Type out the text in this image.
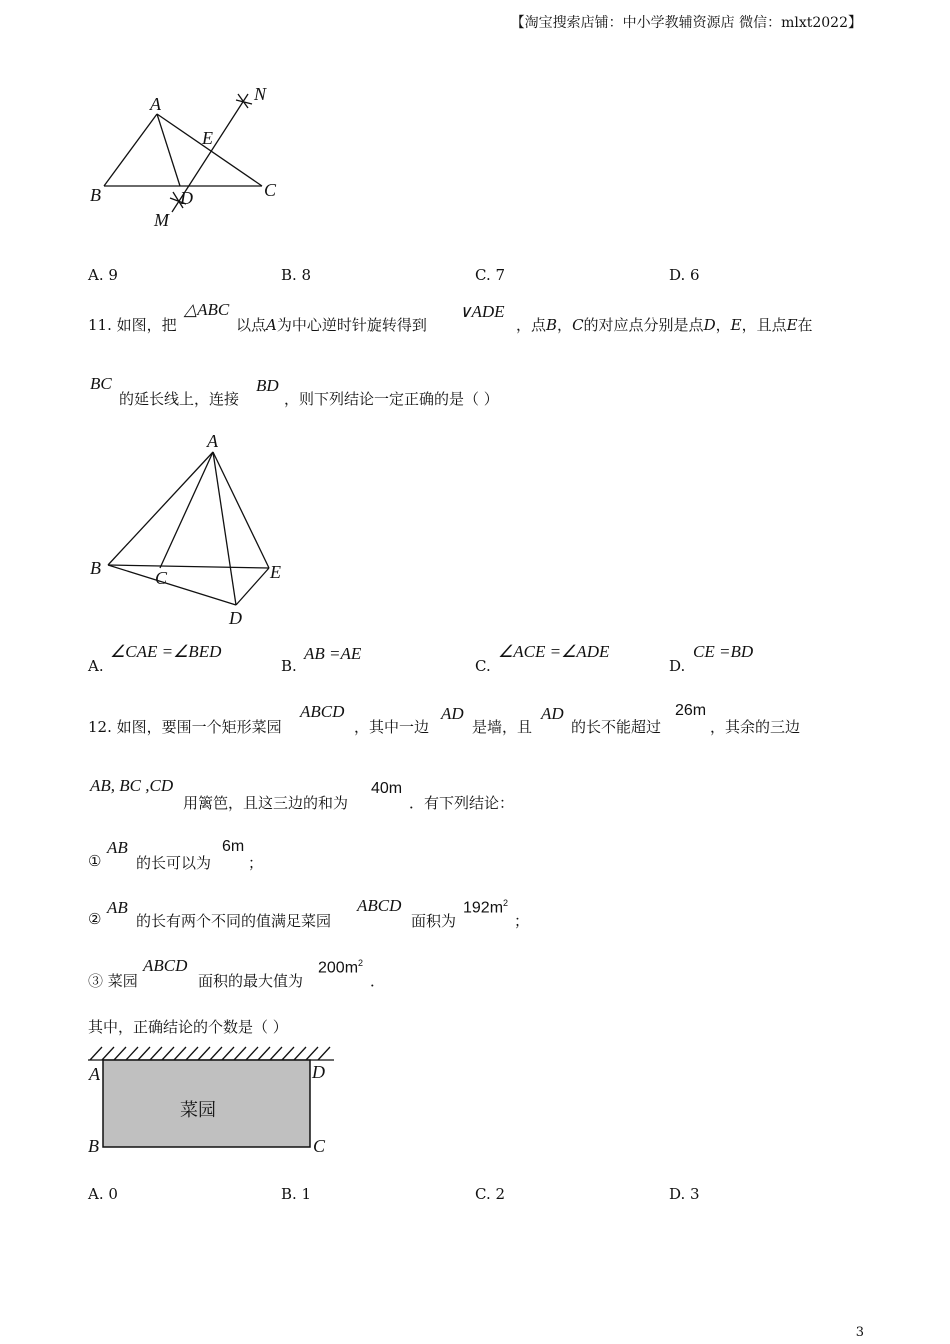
【淘宝搜索店铺：中小学教辅资源店 微信：mlxt2022】
A
B	C
D
E
M
N
A. 9	B. 8	C. 7	D. 6
11. 如图，把
△ABC
以点A为中心逆时针旋转得到
∨ADE
，点B，C的对应点分别是点D，E，且点E在
BC
的延长线上，连接
BD
，则下列结论一定正确的是（ ）
A
B	C
D
E
A.
∠CAE =∠BED
B.
AB =AE
C.
∠ACE =∠ADE
D.
CE =BD
12. 如图，要围一个矩形菜园
ABCD
，其中一边
AD
是墙，且
AD
的长不能超过
26m
，其余的三边
AB, BC ,CD
用篱笆，且这三边的和为
40m
．有下列结论：
①
AB
的长可以为
6m
；
②
AB
的长有两个不同的值满足菜园
ABCD
面积为
$192m^2$
；
③ 菜园
ABCD
面积的最大值为
$200m^2$
．
其中，正确结论的个数是（ ）
菜园
A	D
B	C
A. 0	B. 1	C. 2	D. 3
3
